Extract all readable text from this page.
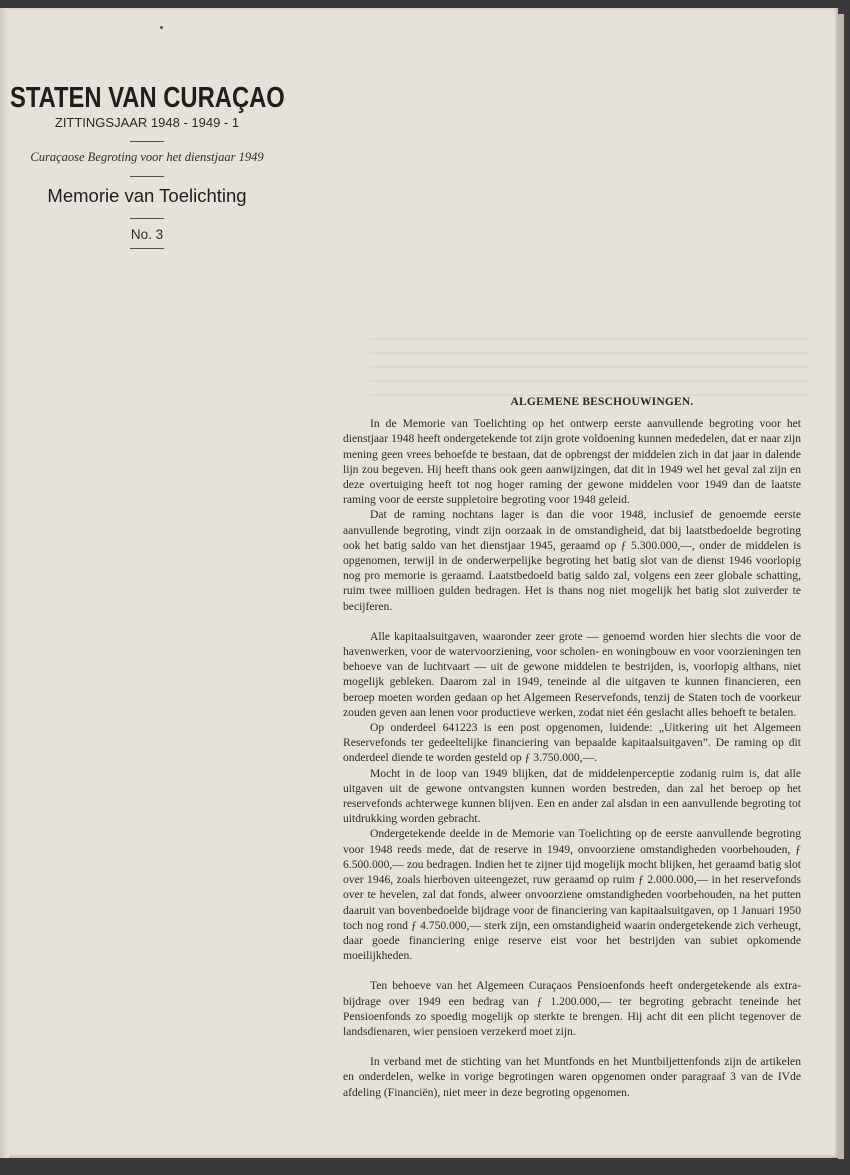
STATEN VAN CURAÇAO
ZITTINGSJAAR 1948 - 1949 - 1
Curaçaose Begroting voor het dienstjaar 1949
Memorie van Toelichting
No. 3
ALGEMENE BESCHOUWINGEN.

In de Memorie van Toelichting op het ontwerp eerste aanvullende begroting voor het dienstjaar 1948 heeft ondergetekende tot zijn grote voldoening kunnen mededelen, dat er naar zijn mening geen vrees behoefde te bestaan, dat de opbrengst der middelen zich in dat jaar in dalende lijn zou begeven. Hij heeft thans ook geen aanwijzingen, dat dit in 1949 wel het geval zal zijn en deze overtuiging heeft tot nog hoger raming der gewone middelen voor 1949 dan de laatste raming voor de eerste suppletoire begroting voor 1948 geleid.

Dat de raming nochtans lager is dan die voor 1948, inclusief de genoemde eerste aanvullende begroting, vindt zijn oorzaak in de omstandigheid, dat bij laatstbedoelde begroting ook het batig saldo van het dienstjaar 1945, geraamd op ƒ 5.300.000,—, onder de middelen is opgenomen, terwijl in de onderwerpelijke begroting het batig slot van de dienst 1946 voorlopig nog pro memorie is geraamd. Laatstbedoeld batig saldo zal, volgens een zeer globale schatting, ruim twee millioen gulden bedragen. Het is thans nog niet mogelijk het batig slot zuiverder te becijferen.

Alle kapitaalsuitgaven, waaronder zeer grote — genoemd worden hier slechts die voor de havenwerken, voor de watervoorziening, voor scholen- en woningbouw en voor voorzieningen ten behoeve van de luchtvaart — uit de gewone middelen te bestrijden, is, voorlopig althans, niet mogelijk gebleken. Daarom zal in 1949, teneinde al die uitgaven te kunnen financieren, een beroep moeten worden gedaan op het Algemeen Reservefonds, tenzij de Staten toch de voorkeur zouden geven aan lenen voor productieve werken, zodat niet één geslacht alles behoeft te betalen.

Op onderdeel 641223 is een post opgenomen, luidende: „Uitkering uit het Algemeen Reservefonds ter gedeeltelijke financiering van bepaalde kapitaalsuitgaven”. De raming op dit onderdeel diende te worden gesteld op ƒ 3.750.000,—.

Mocht in de loop van 1949 blijken, dat de middelenperceptie zodanig ruim is, dat alle uitgaven uit de gewone ontvangsten kunnen worden bestreden, dan zal het beroep op het reservefonds achterwege kunnen blijven. Een en ander zal alsdan in een aanvullende begroting tot uitdrukking worden gebracht.

Ondergetekende deelde in de Memorie van Toelichting op de eerste aanvullende begroting voor 1948 reeds mede, dat de reserve in 1949, onvoorziene omstandigheden voorbehouden, ƒ 6.500.000,— zou bedragen. Indien het te zijner tijd mogelijk mocht blijken, het geraamd batig slot over 1946, zoals hierboven uiteengezet, ruw geraamd op ruim ƒ 2.000.000,— in het reservefonds over te hevelen, zal dat fonds, alweer onvoorziene omstandigheden voorbehouden, na het putten daaruit van bovenbedoelde bijdrage voor de financiering van kapitaalsuitgaven, op 1 Januari 1950 toch nog rond ƒ 4.750.000,— sterk zijn, een omstandigheid waarin ondergetekende zich verheugt, daar goede financiering enige reserve eist voor het bestrijden van subiet opkomende moeilijkheden.

Ten behoeve van het Algemeen Curaçaos Pensioenfonds heeft ondergetekende als extra-bijdrage over 1949 een bedrag van ƒ 1.200.000,— ter begroting gebracht teneinde het Pensioenfonds zo spoedig mogelijk op sterkte te brengen. Hij acht dit een plicht tegenover de landsdienaren, wier pensioen verzekerd moet zijn.

In verband met de stichting van het Muntfonds en het Muntbiljettenfonds zijn de artikelen en onderdelen, welke in vorige begrotingen waren opgenomen onder paragraaf 3 van de IVde afdeling (Financiën), niet meer in deze begroting opgenomen.
